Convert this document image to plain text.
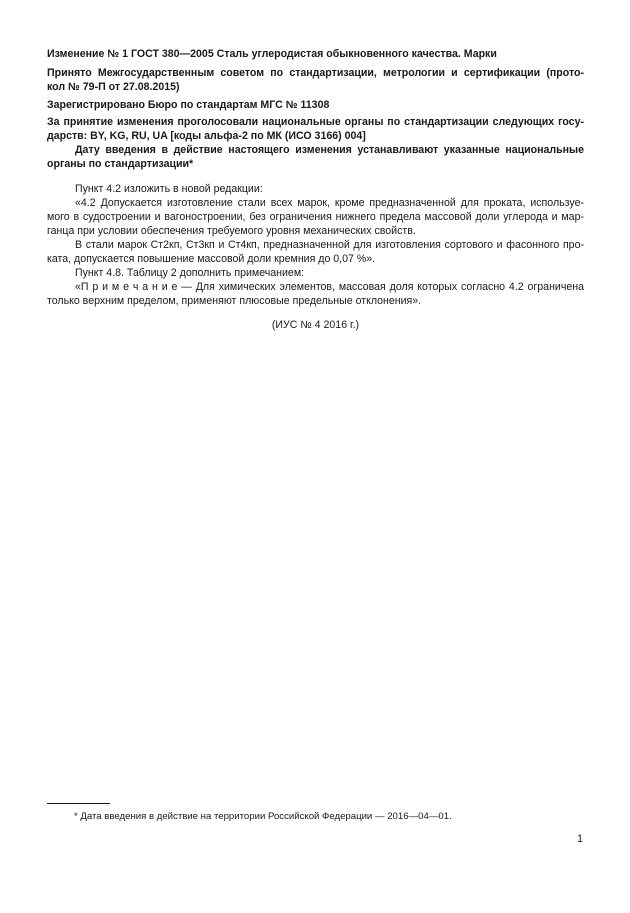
Изменение № 1 ГОСТ 380—2005 Сталь углеродистая обыкновенного качества. Марки
Принято Межгосударственным советом по стандартизации, метрологии и сертификации (прото-
кол № 79-П от 27.08.2015)
Зарегистрировано Бюро по стандартам МГС № 11308
За принятие изменения проголосовали национальные органы по стандартизации следующих госу-
дарств: BY, KG, RU, UA [коды альфа-2 по МК (ИСО 3166) 004]
Дату введения в действие настоящего изменения устанавливают указанные национальные
органы по стандартизации*
Пункт 4.2 изложить в новой редакции:
«4.2 Допускается изготовление стали всех марок, кроме предназначенной для проката, используе-
мого в судостроении и вагоностроении, без ограничения нижнего предела массовой доли углерода и мар-
ганца при условии обеспечения требуемого уровня механических свойств.
В стали марок Ст2кп, Ст3кп и Ст4кп, предназначенной для изготовления сортового и фасонного про-
ката, допускается повышение массовой доли кремния до 0,07 %».
Пункт 4.8. Таблицу 2 дополнить примечанием:
«П р и м е ч а н и е — Для химических элементов, массовая доля которых согласно 4.2 ограничена
только верхним пределом, применяют плюсовые предельные отклонения».
(ИУС № 4 2016 г.)
* Дата введения в действие на территории Российской Федерации — 2016—04—01.
1
